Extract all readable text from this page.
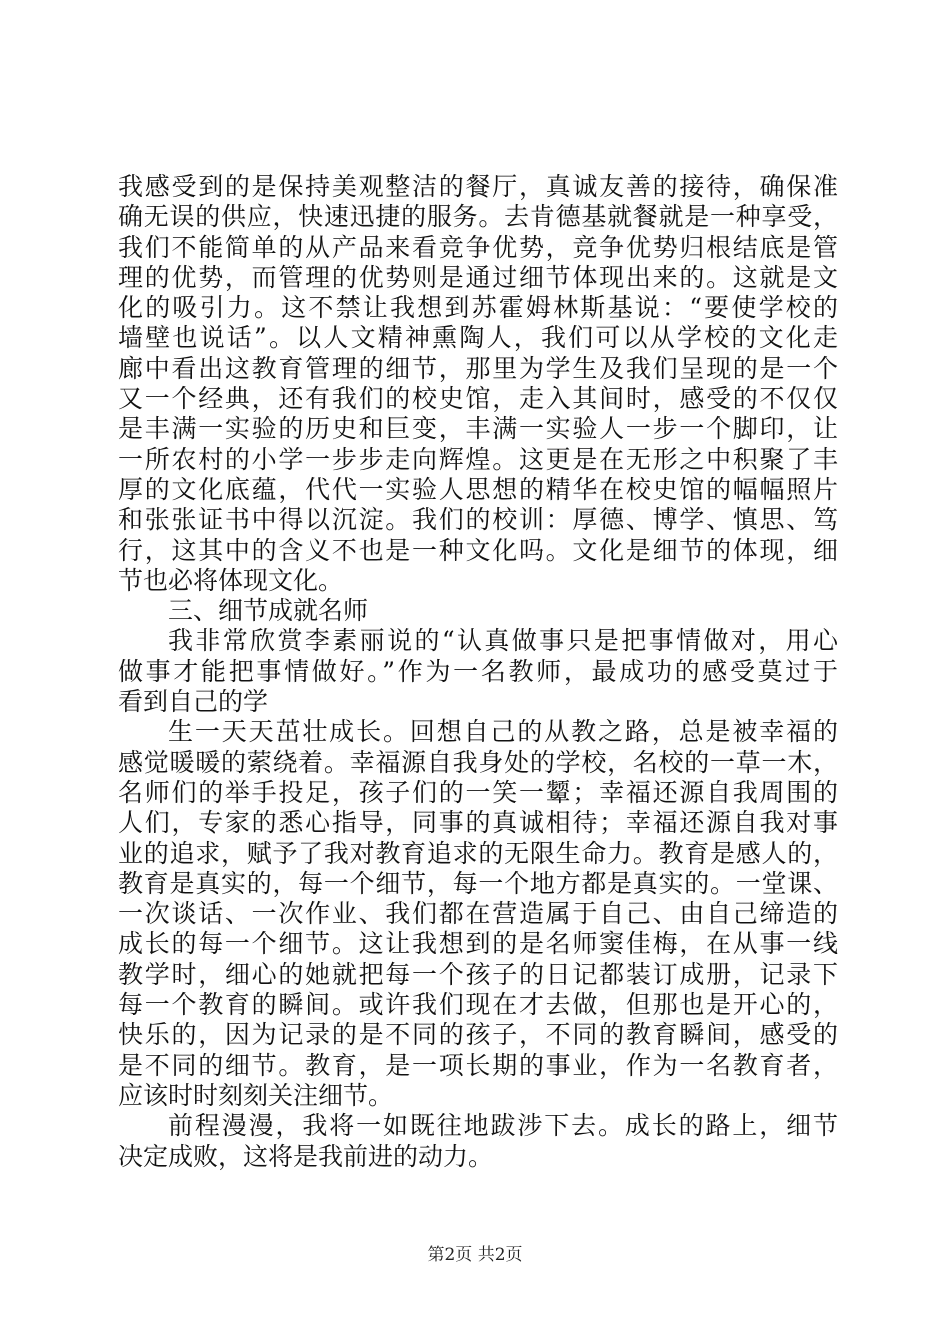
我感受到的是保持美观整洁的餐厅，真诚友善的接待，确保准
确无误的供应，快速迅捷的服务。去肯德基就餐就是一种享受，
我们不能简单的从产品来看竞争优势，竞争优势归根结底是管
理的优势，而管理的优势则是通过细节体现出来的。这就是文
化的吸引力。这不禁让我想到苏霍姆林斯基说：“要使学校的
墙壁也说话”。以人文精神熏陶人，我们可以从学校的文化走
廊中看出这教育管理的细节，那里为学生及我们呈现的是一个
又一个经典，还有我们的校史馆，走入其间时，感受的不仅仅
是丰满一实验的历史和巨变，丰满一实验人一步一个脚印，让
一所农村的小学一步步走向辉煌。这更是在无形之中积聚了丰
厚的文化底蕴，代代一实验人思想的精华在校史馆的幅幅照片
和张张证书中得以沉淀。我们的校训：厚德、博学、慎思、笃
行，这其中的含义不也是一种文化吗。文化是细节的体现，细
节也必将体现文化。
三、细节成就名师
我非常欣赏李素丽说的“认真做事只是把事情做对，用心
做事才能把事情做好。”作为一名教师，最成功的感受莫过于
看到自己的学
生一天天茁壮成长。回想自己的从教之路，总是被幸福的
感觉暖暖的萦绕着。幸福源自我身处的学校，名校的一草一木，
名师们的举手投足，孩子们的一笑一颦；幸福还源自我周围的
人们，专家的悉心指导，同事的真诚相待；幸福还源自我对事
业的追求，赋予了我对教育追求的无限生命力。教育是感人的，
教育是真实的，每一个细节，每一个地方都是真实的。一堂课、
一次谈话、一次作业、我们都在营造属于自己、由自己缔造的
成长的每一个细节。这让我想到的是名师窦佳梅，在从事一线
教学时，细心的她就把每一个孩子的日记都装订成册，记录下
每一个教育的瞬间。或许我们现在才去做，但那也是开心的，
快乐的，因为记录的是不同的孩子，不同的教育瞬间，感受的
是不同的细节。教育，是一项长期的事业，作为一名教育者，
应该时时刻刻关注细节。
前程漫漫，我将一如既往地跋涉下去。成长的路上，细节
决定成败，这将是我前进的动力。
第2页 共2页
